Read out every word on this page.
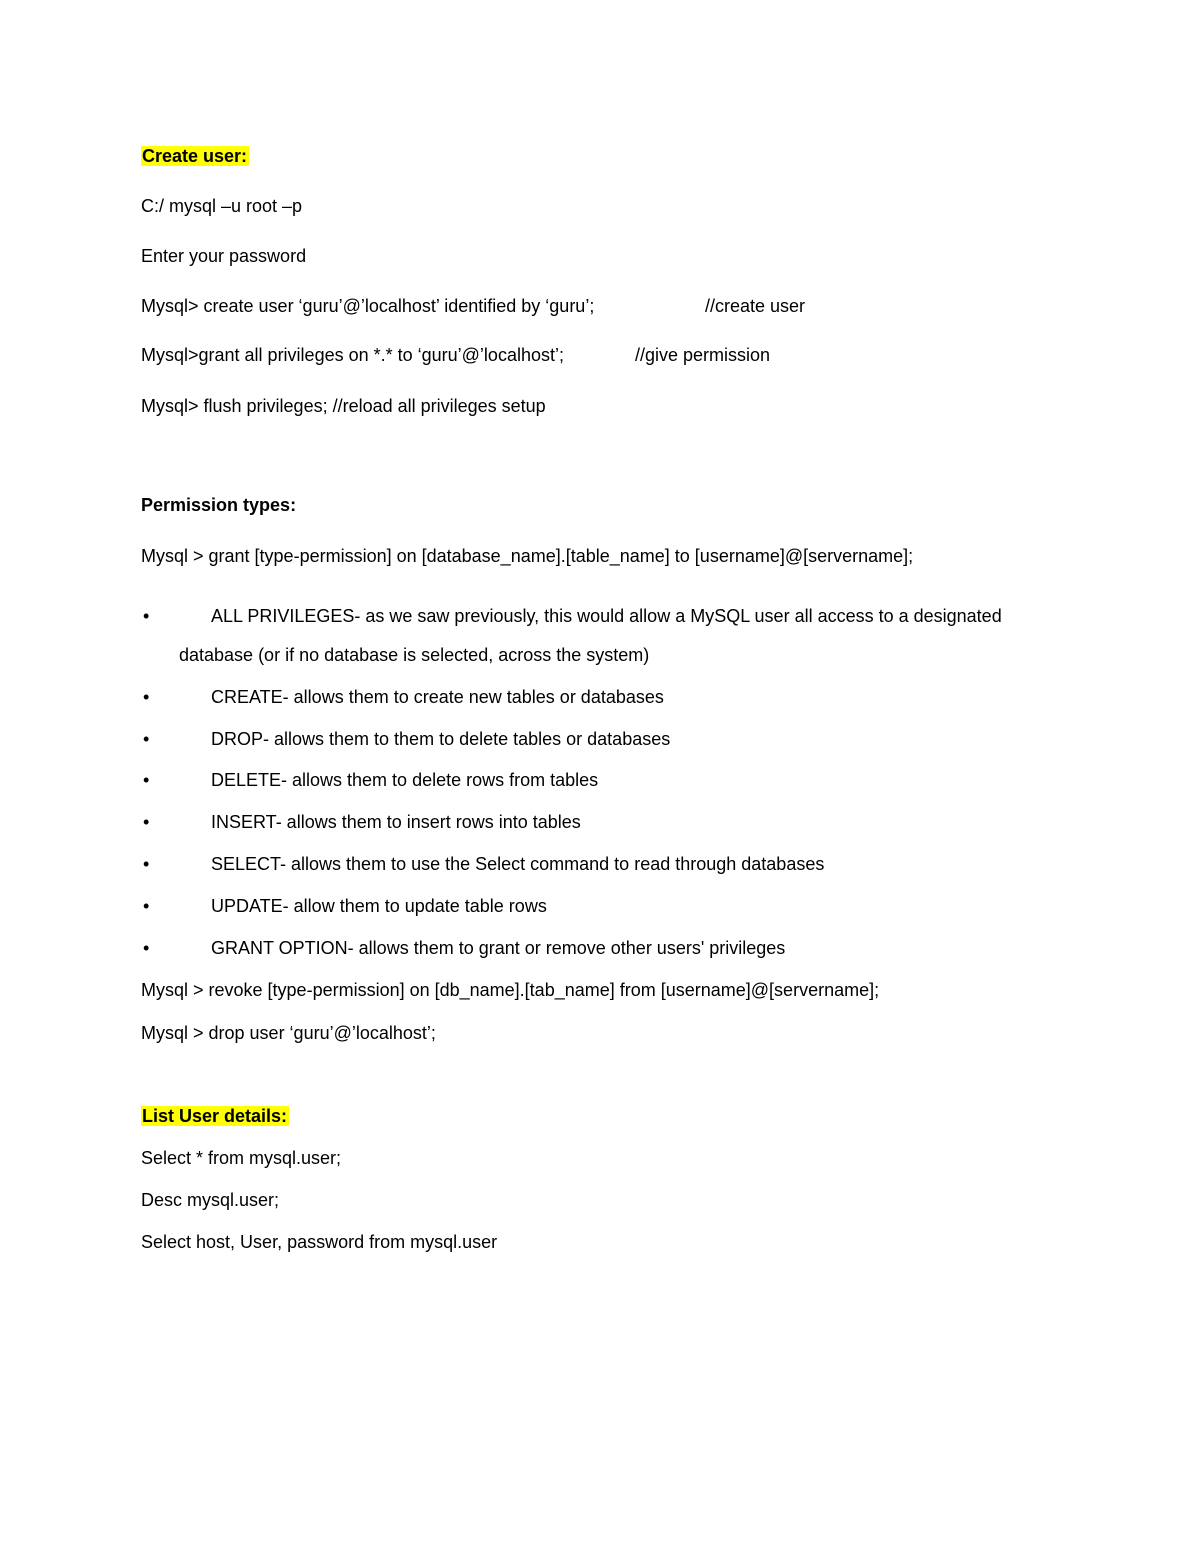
Create user:
C:/ mysql –u root –p
Enter your password
Mysql> create user ‘guru’@’localhost’ identified by ‘guru’;	//create user
Mysql>grant all privileges on *.* to ‘guru’@’localhost’;	//give permission
Mysql> flush privileges; //reload all privileges setup
Permission types:
Mysql > grant [type-permission] on [database_name].[table_name] to [username]@[servername];
•	ALL PRIVILEGES- as we saw previously, this would allow a MySQL user all access to a designated
database (or if no database is selected, across the system)
•	CREATE- allows them to create new tables or databases
•	DROP- allows them to them to delete tables or databases
•	DELETE- allows them to delete rows from tables
•	INSERT- allows them to insert rows into tables
•	SELECT- allows them to use the Select command to read through databases
•	UPDATE- allow them to update table rows
•	GRANT OPTION- allows them to grant or remove other users' privileges
Mysql > revoke [type-permission] on [db_name].[tab_name] from [username]@[servername];
Mysql > drop user ‘guru’@’localhost’;
List User details:
Select * from mysql.user;
Desc mysql.user;
Select host, User, password from mysql.user
